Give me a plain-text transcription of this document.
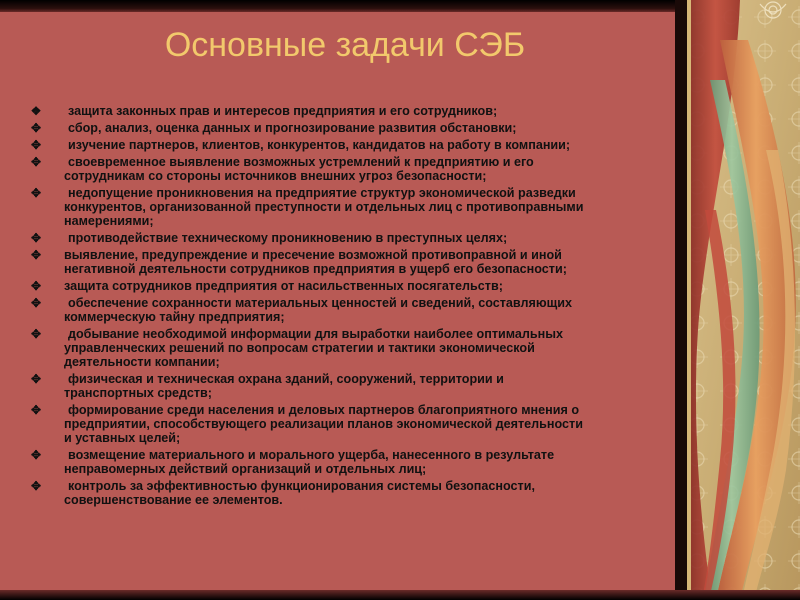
Основные задачи СЭБ
❖	защита законных прав и интересов предприятия и его сотрудников;
✥	сбор, анализ, оценка данных и прогнозирование развития обстановки;
✥	изучение партнеров, клиентов, конкурентов, кандидатов на работу в компании;
✥	своевременное выявление возможных устремлений к предприятию и его
сотрудникам со стороны источников внешних угроз безопасности;
✥	недопущение проникновения на предприятие структур экономической разведки
конкурентов, организованной преступности и отдельных лиц с противоправными
намерениями;
✥	противодействие техническому проникновению в преступных целях;
✥ выявление, предупреждение и пресечение возможной противоправной и иной
негативной деятельности сотрудников предприятия в ущерб его безопасности;
✥ защита сотрудников предприятия от насильственных посягательств;
✥	обеспечение сохранности материальных ценностей и сведений, составляющих
коммерческую тайну предприятия;
✥	добывание необходимой информации для выработки наиболее оптимальных
управленческих решений по вопросам стратегии и тактики экономической
деятельности компании;
✥	физическая и техническая охрана зданий, сооружений, территории и
транспортных средств;
✥	формирование среди населения и деловых партнеров благоприятного мнения о
предприятии, способствующего реализации планов экономической деятельности
и уставных целей;
✥	возмещение материального и морального ущерба, нанесенного в результате
неправомерных действий организаций и отдельных лиц;
✥	контроль за эффективностью функционирования системы безопасности,
совершенствование ее элементов.
